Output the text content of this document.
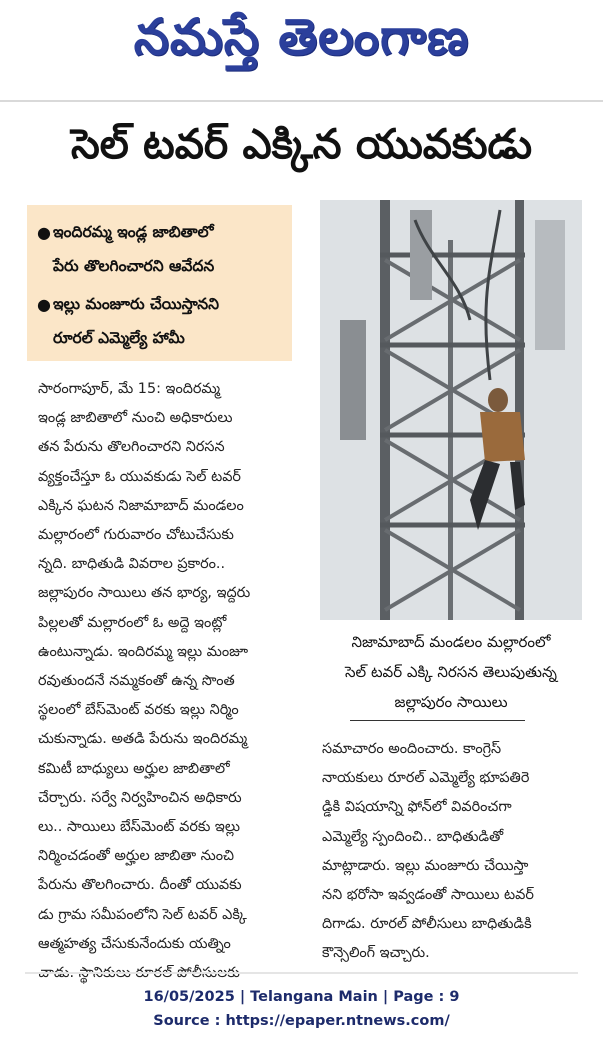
నమస్తే తెలంగాణ
సెల్ టవర్ ఎక్కిన యువకుడు
● ఇందిరమ్మ ఇండ్ల జాబితాలో
పేరు తొలగించారని ఆవేదన
● ఇల్లు మంజూరు చేయిస్తానని
రూరల్ ఎమ్మెల్యే హామీ
నిజామాబాద్ మండలం మల్లారంలో
సెల్ టవర్ ఎక్కి నిరసన తెలుపుతున్న
జల్లాపురం సాయిలు
సారంగాపూర్, మే 15: ఇందిరమ్మ
ఇండ్ల జాబితాలో నుంచి అధికారులు
తన పేరును తొలగించారని నిరసన
వ్యక్తంచేస్తూ ఓ యువకుడు సెల్ టవర్
ఎక్కిన ఘటన నిజామాబాద్ మండలం
మల్లారంలో గురువారం చోటుచేసుకు
న్నది. బాధితుడి వివరాల ప్రకారం..
జల్లాపురం సాయిలు తన భార్య, ఇద్దరు
పిల్లలతో మల్లారంలో ఓ అద్దె ఇంట్లో
ఉంటున్నాడు. ఇందిరమ్మ ఇల్లు మంజూ
రవుతుందనే నమ్మకంతో ఉన్న సొంత
స్థలంలో బేస్‌మెంట్ వరకు ఇల్లు నిర్మిం
చుకున్నాడు. అతడి పేరును ఇందిరమ్మ
కమిటీ బాధ్యులు అర్హుల జాబితాలో
చేర్చారు. సర్వే నిర్వహించిన అధికారు
లు.. సాయిలు బేస్‌మెంట్ వరకు ఇల్లు
నిర్మించడంతో అర్హుల జాబితా నుంచి
పేరును తొలగించారు. దీంతో యువకు
డు గ్రామ సమీపంలోని సెల్ టవర్ ఎక్కి
ఆత్మహత్య చేసుకునేందుకు యత్నిం
సమాచారం అందించారు. కాంగ్రెస్
నాయకులు రూరల్ ఎమ్మెల్యే భూపతిరె
డ్డికి విషయాన్ని ఫోన్‌లో వివరించగా
ఎమ్మెల్యే స్పందించి.. బాధితుడితో
మాట్లాడారు. ఇల్లు మంజూరు చేయిస్తా
నని భరోసా ఇవ్వడంతో సాయిలు టవర్
దిగాడు. రూరల్ పోలీసులు బాధితుడికి
కౌన్సెలింగ్ ఇచ్చారు.
16/05/2025 | Telangana Main | Page : 9
Source : https://epaper.ntnews.com/
